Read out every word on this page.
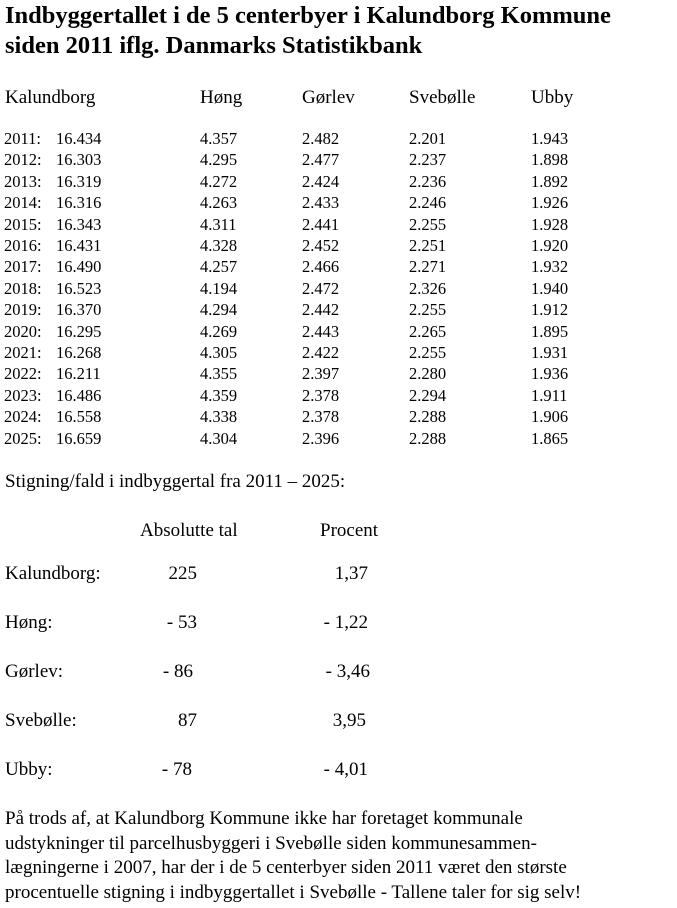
Indbyggertallet i de 5 centerbyer i Kalundborg Kommune
siden 2011 iflg. Danmarks Statistikbank
Kalundborg	Høng	Gørlev	Svebølle	Ubby
2011: 16.434	4.357	2.482	2.201	1.943
2012: 16.303	4.295	2.477	2.237	1.898
2013: 16.319	4.272	2.424	2.236	1.892
2014: 16.316	4.263	2.433	2.246	1.926
2015: 16.343	4.311	2.441	2.255	1.928
2016: 16.431	4.328	2.452	2.251	1.920
2017: 16.490	4.257	2.466	2.271	1.932
2018: 16.523	4.194	2.472	2.326	1.940
2019: 16.370	4.294	2.442	2.255	1.912
2020: 16.295	4.269	2.443	2.265	1.895
2021: 16.268	4.305	2.422	2.255	1.931
2022: 16.211	4.355	2.397	2.280	1.936
2023: 16.486	4.359	2.378	2.294	1.911
2024: 16.558	4.338	2.378	2.288	1.906
2025: 16.659	4.304	2.396	2.288	1.865
Stigning/fald i indbyggertal fra 2011 – 2025:
Absolutte tal	Procent
Kalundborg:	225	1,37
Høng:	- 53	- 1,22
Gørlev:	- 86	- 3,46
Svebølle:	87	3,95
Ubby:	- 78	- 4,01

På trods af, at Kalundborg Kommune ikke har foretaget kommunale
udstykninger til parcelhusbyggeri i Svebølle siden kommunesammen-
lægningerne i 2007, har der i de 5 centerbyer siden 2011 været den største
procentuelle stigning i indbyggertallet i Svebølle - Tallene taler for sig selv!
